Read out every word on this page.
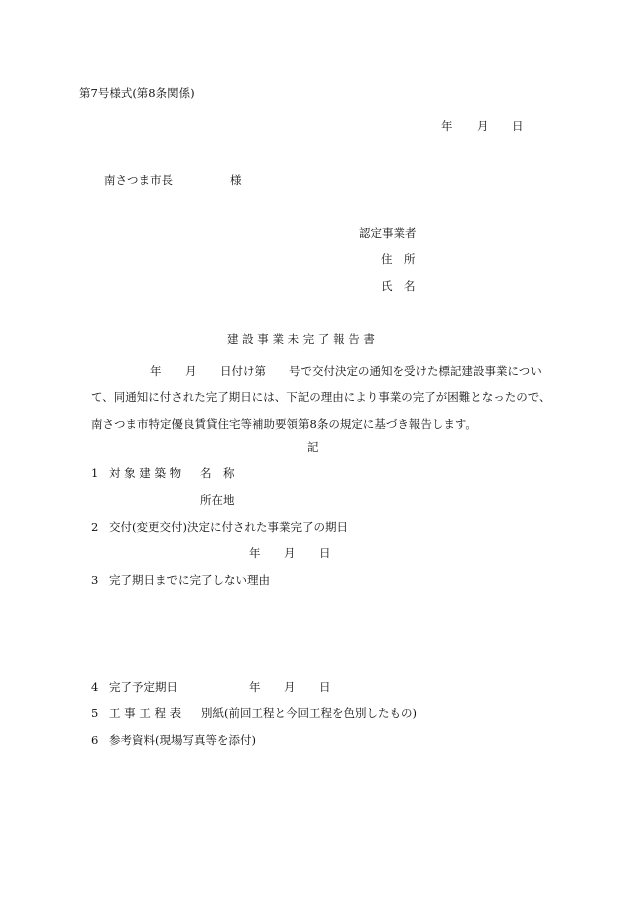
第7号様式(第8条関係)
年 月 日
南さつま市長	様
認定事業者
住　所
氏　名
建 設 事 業 未 完 了 報 告 書
年 月 日付け第 号で交付決定の通知を受けた標記建設事業につい
て、同通知に付された完了期日には、下記の理由により事業の完了が困難となったので、
南さつま市特定優良賃貸住宅等補助要領第8条の規定に基づき報告します。
記
1 対 象 建 築 物 名　称
所在地
2 交付(変更交付)決定に付された事業完了の期日
年 月 日
3 完了期日までに完了しない理由
4 完了予定期日	年 月 日
5 工 事 工 程 表 別紙(前回工程と今回工程を色別したもの)
6 参考資料(現場写真等を添付)
